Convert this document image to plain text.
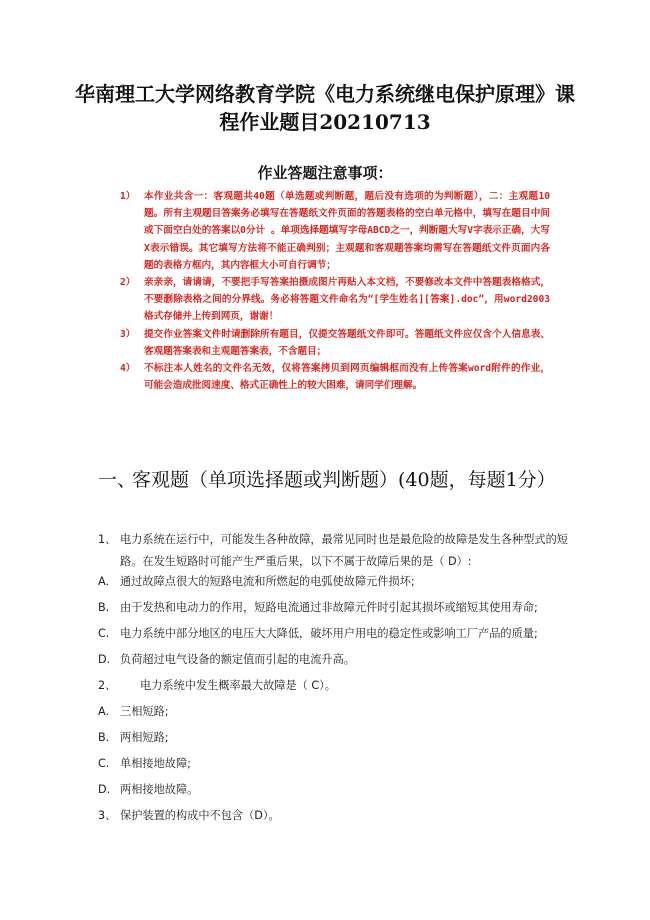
华南理工大学网络教育学院《电力系统继电保护原理》课程作业题目20210713
作业答题注意事项：
1） 本作业共含一：客观题共40题（单选题或判断题，题后没有选项的为判断题），二：主观题10题。所有主观题目答案务必填写在答题纸文件页面的答题表格的空白单元格中，填写在题目中间或下面空白处的答案以0分计 。单项选择题填写字母ABCD之一，判断题大写V字表示正确，大写X表示错误。其它填写方法将不能正确判别；主观题和客观题答案均需写在答题纸文件页面内各题的表格方框内，其内容框大小可自行调节；
2） 亲亲亲，请请请，不要把手写答案拍摄成图片再贴入本文档，不要修改本文件中答题表格格式，不要删除表格之间的分界线。务必将答题文件命名为“[学生姓名][答案].doc”，用word2003格式存储并上传到网页，谢谢！
3） 提交作业答案文件时请删除所有题目，仅提交答题纸文件即可。答题纸文件应仅含个人信息表、客观题答案表和主观题答案表，不含题目；
4） 不标注本人姓名的文件名无效，仅将答案拷贝到网页编辑框而没有上传答案word附件的作业，可能会造成批阅速度、格式正确性上的较大困难，请同学们理解。
一、
客观题（单项选择题或判断题）(40题，每题1分）
1、 电力系统在运行中，可能发生各种故障，最常见同时也是最危险的故障是发生各种型式的短路。在发生短路时可能产生严重后果，以下不属于故障后果的是（ D）:
A. 通过故障点很大的短路电流和所燃起的电弧使故障元件损坏;
B. 由于发热和电动力的作用，短路电流通过非故障元件时引起其损坏或缩短其使用寿命;
C. 电力系统中部分地区的电压大大降低，破坏用户用电的稳定性或影响工厂产品的质量;
D. 负荷超过电气设备的额定值而引起的电流升高。
2、	电力系统中发生概率最大故障是（ C）。
A. 三相短路;
B. 两相短路;
C. 单相接地故障;
D. 两相接地故障。
3、 保护装置的构成中不包含（D）。
